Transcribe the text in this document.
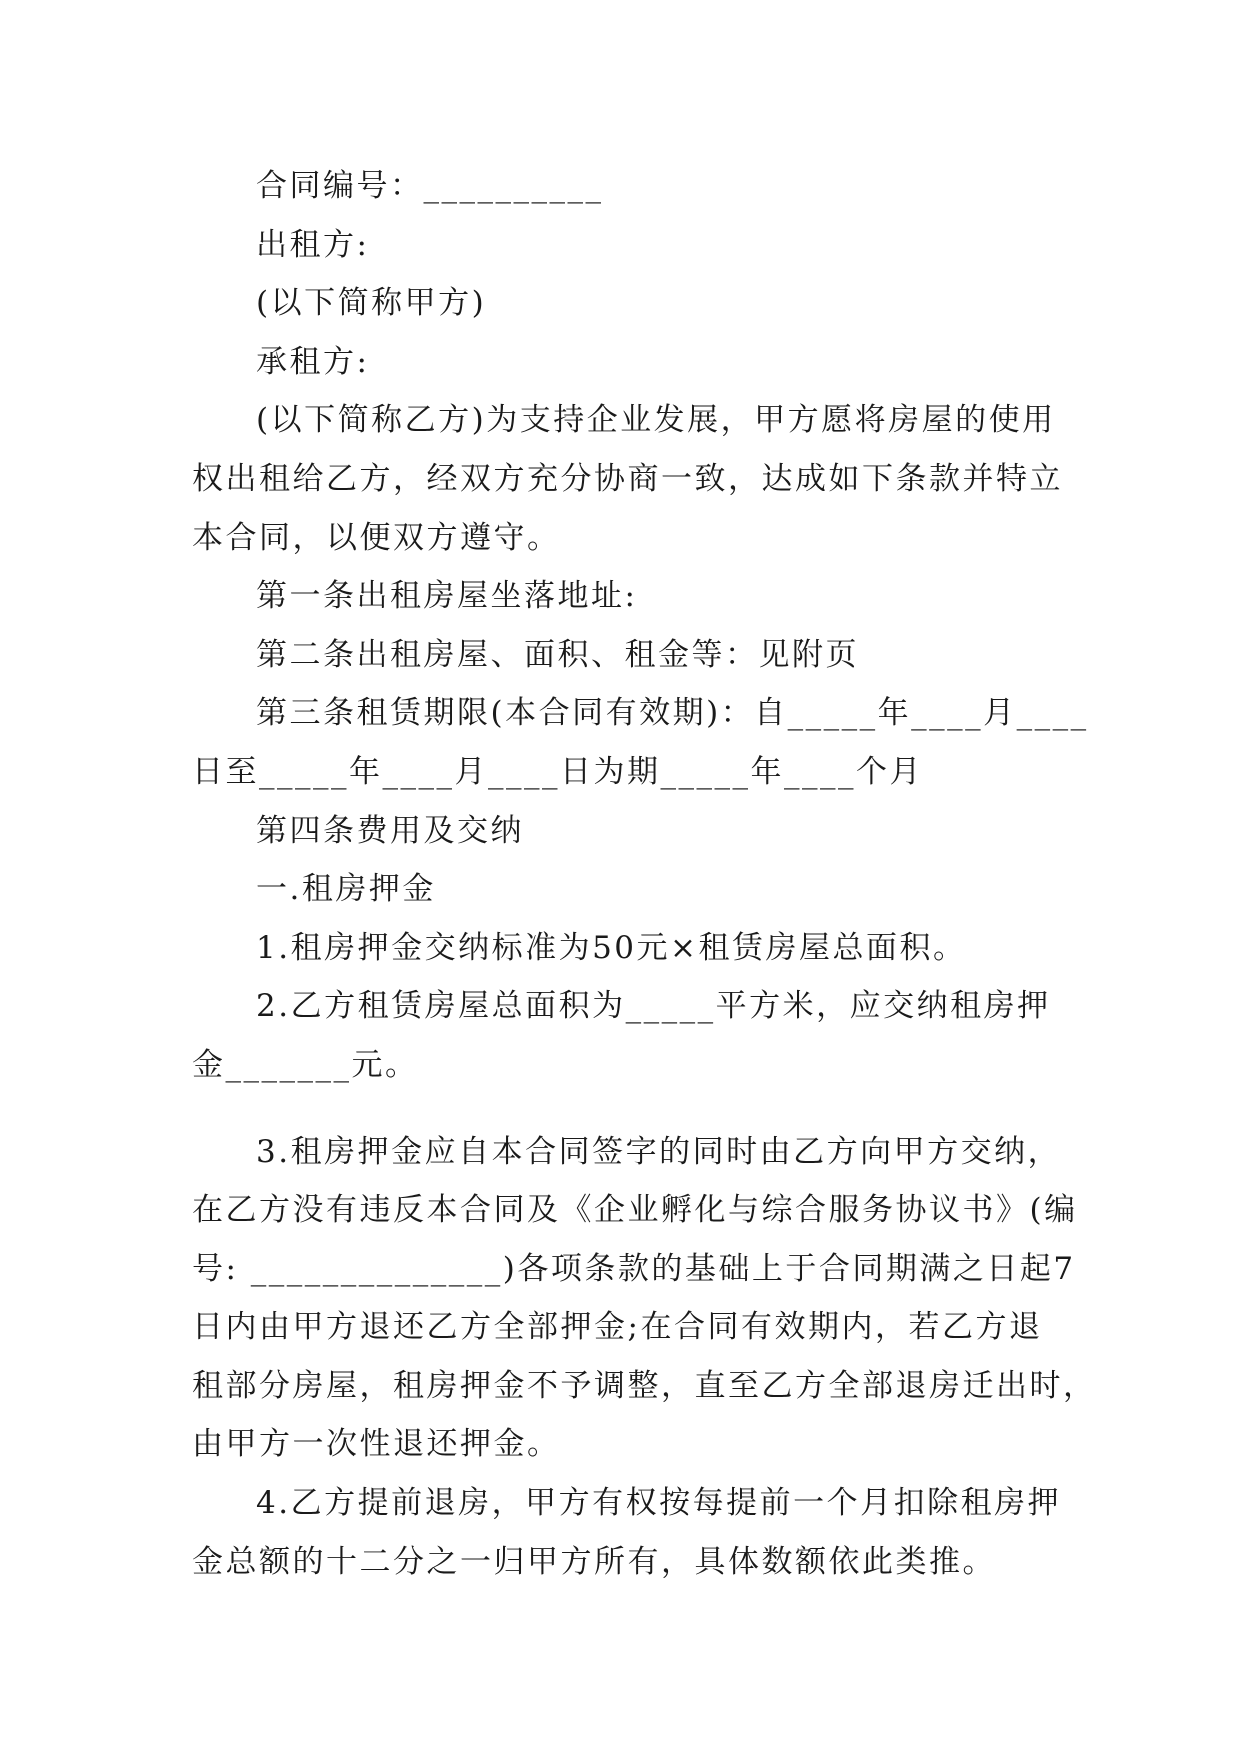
合同编号：__________
出租方:
(以下简称甲方)
承租方:
(以下简称乙方)为支持企业发展，甲方愿将房屋的使用
权出租给乙方，经双方充分协商一致，达成如下条款并特立
本合同，以便双方遵守。
第一条出租房屋坐落地址:
第二条出租房屋、面积、租金等：见附页
第三条租赁期限(本合同有效期)：自_____年____月____
日至_____年____月____日为期_____年____个月
第四条费用及交纳
一.租房押金
1.租房押金交纳标准为50元×租赁房屋总面积。
2.乙方租赁房屋总面积为_____平方米，应交纳租房押
金_______元。
3.租房押金应自本合同签字的同时由乙方向甲方交纳，
在乙方没有违反本合同及《企业孵化与综合服务协议书》(编
号: ______________)各项条款的基础上于合同期满之日起7
日内由甲方退还乙方全部押金;在合同有效期内，若乙方退
租部分房屋，租房押金不予调整，直至乙方全部退房迁出时，
由甲方一次性退还押金。
4.乙方提前退房，甲方有权按每提前一个月扣除租房押
金总额的十二分之一归甲方所有，具体数额依此类推。
